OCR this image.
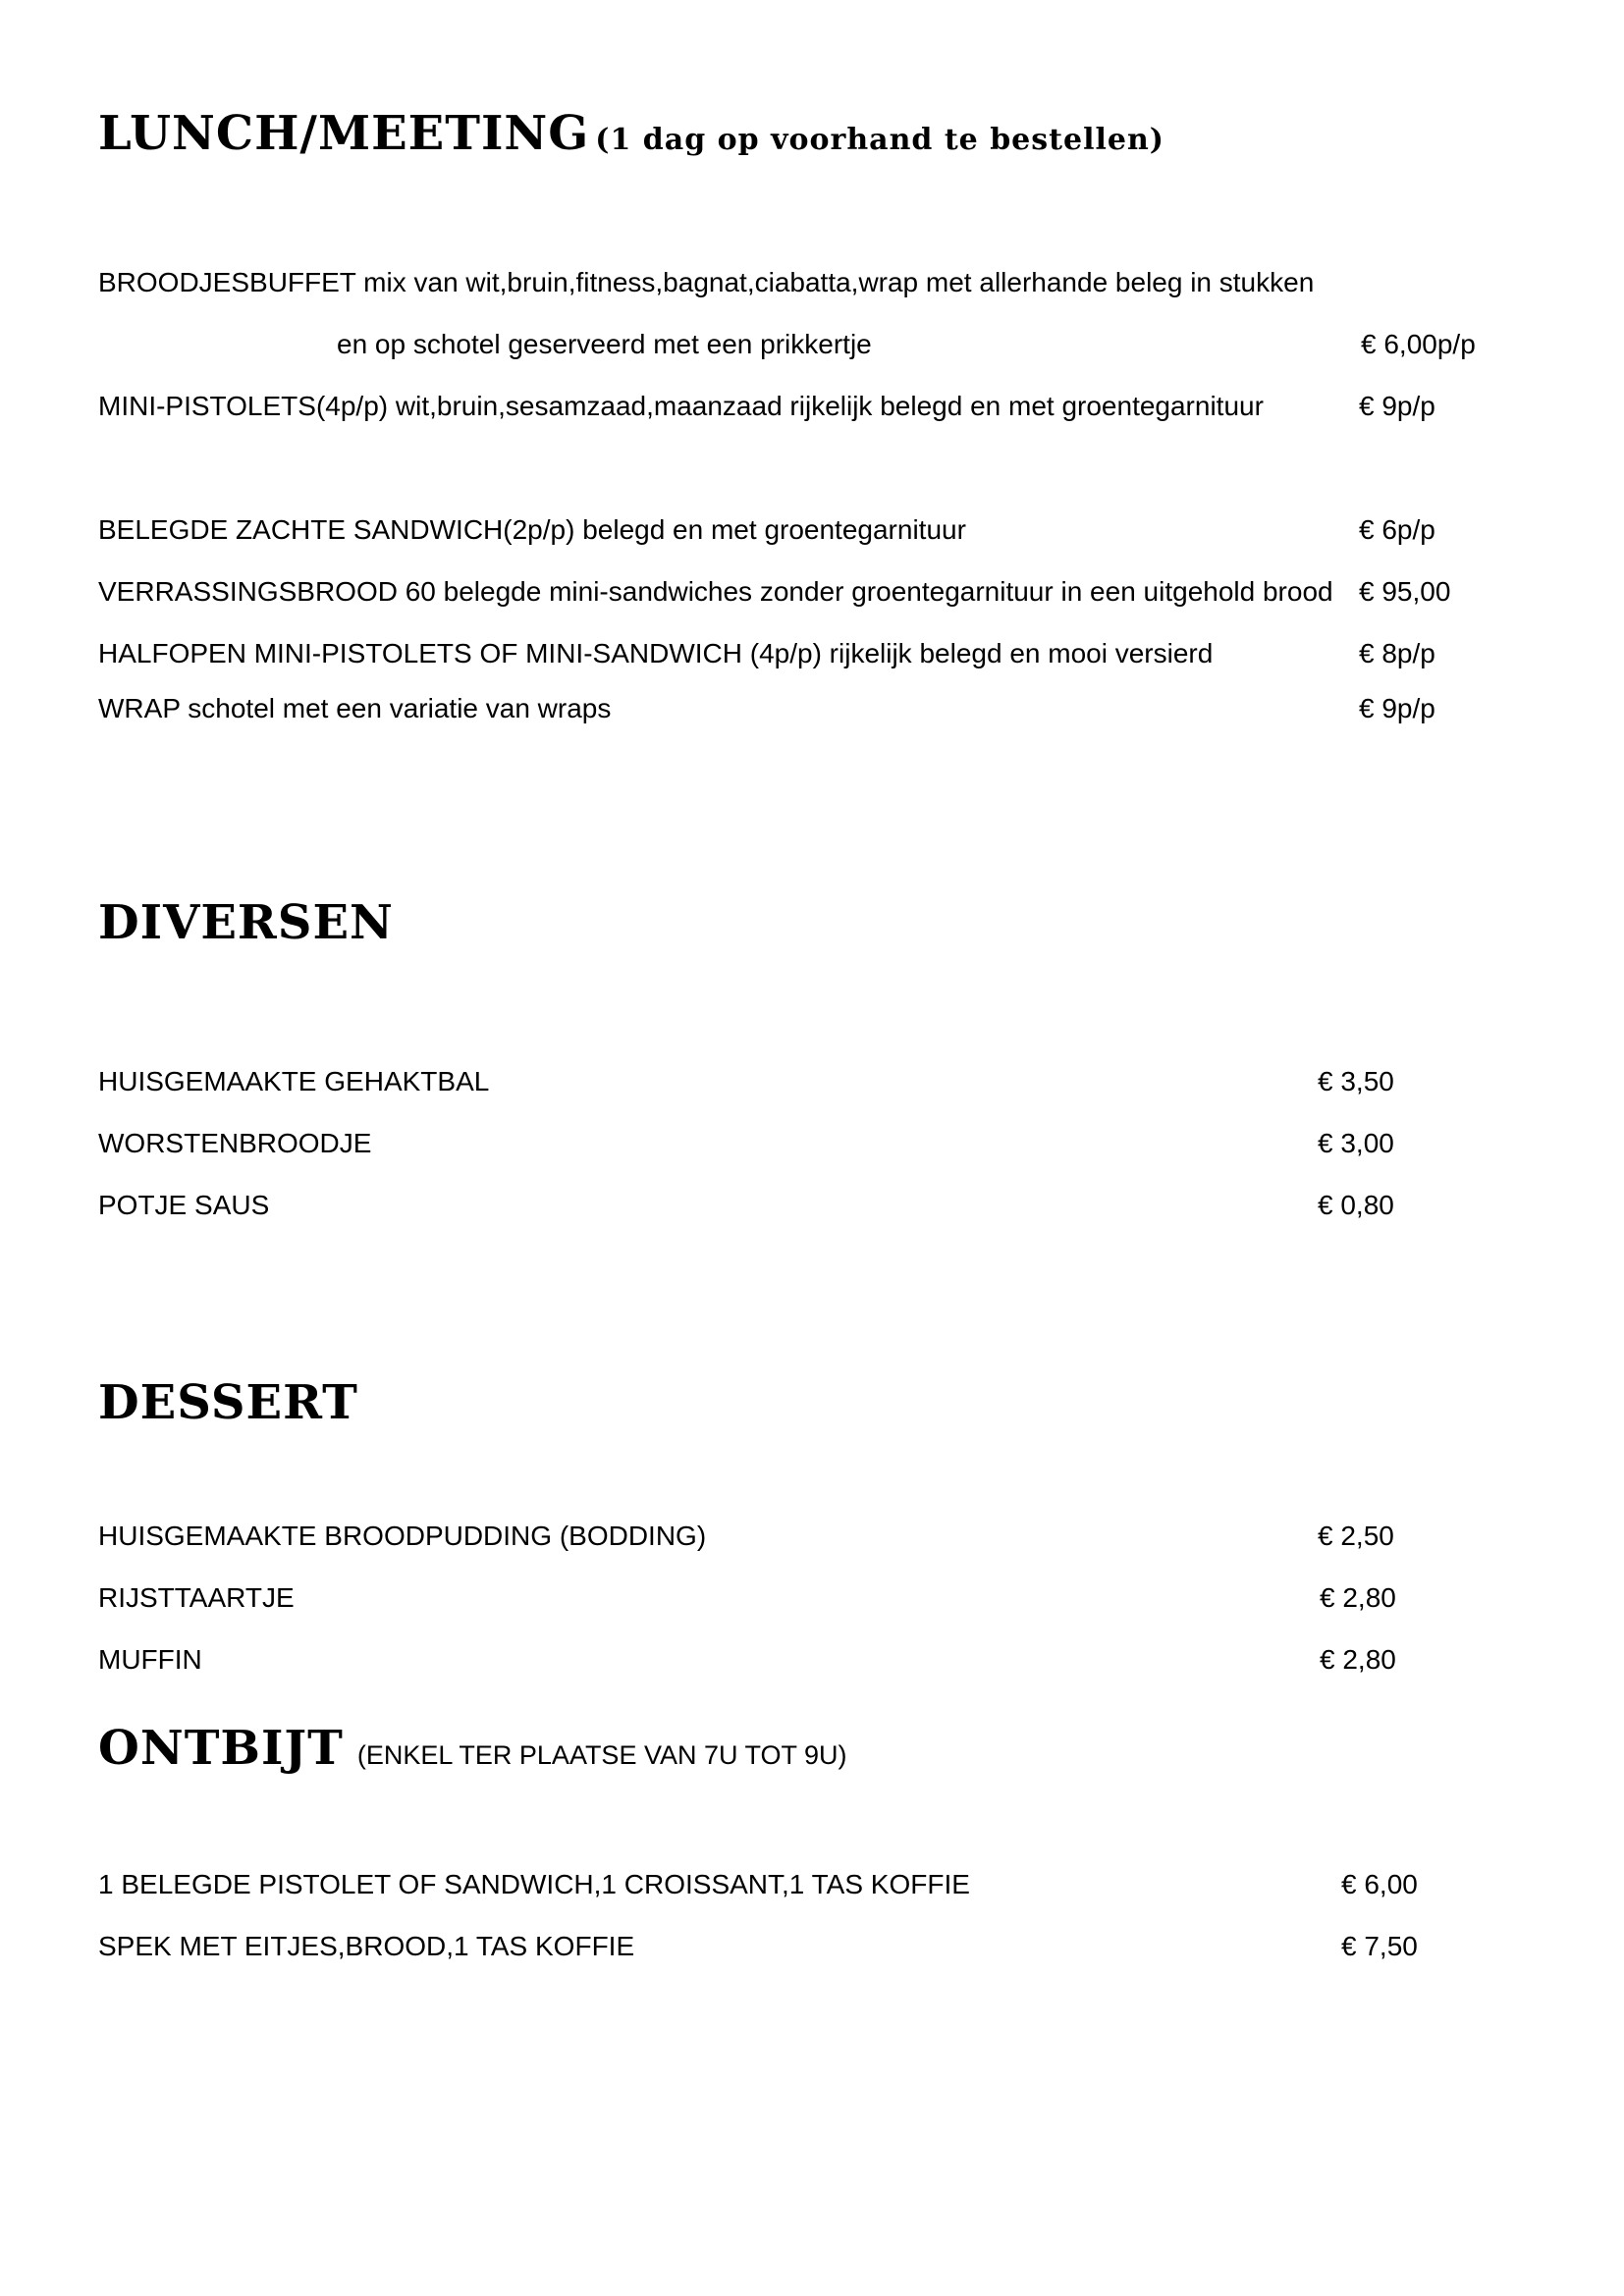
LUNCH/MEETING (1 dag op voorhand te bestellen)
BROODJESBUFFET mix van wit,bruin,fitness,bagnat,ciabatta,wrap met allerhande beleg in stukken
en op schotel geserveerd met een prikkertje	€ 6,00p/p
MINI-PISTOLETS(4p/p) wit,bruin,sesamzaad,maanzaad rijkelijk belegd en met groentegarnituur	€ 9p/p
BELEGDE ZACHTE SANDWICH(2p/p) belegd en met groentegarnituur	€ 6p/p
VERRASSINGSBROOD 60 belegde mini-sandwiches zonder groentegarnituur in een uitgehold brood € 95,00
HALFOPEN MINI-PISTOLETS OF MINI-SANDWICH (4p/p) rijkelijk belegd en mooi versierd	€ 8p/p
WRAP schotel met een variatie van wraps	€ 9p/p
DIVERSEN
HUISGEMAAKTE GEHAKTBAL	€ 3,50
WORSTENBROODJE	€ 3,00
POTJE SAUS	€ 0,80
DESSERT
HUISGEMAAKTE BROODPUDDING (BODDING)	€ 2,50
RIJSTTAARTJE	€ 2,80
MUFFIN	€ 2,80
ONTBIJT (ENKEL TER PLAATSE VAN 7U TOT 9U)
1 BELEGDE PISTOLET OF SANDWICH,1 CROISSANT,1 TAS KOFFIE	€ 6,00
SPEK MET EITJES,BROOD,1 TAS KOFFIE	€ 7,50
